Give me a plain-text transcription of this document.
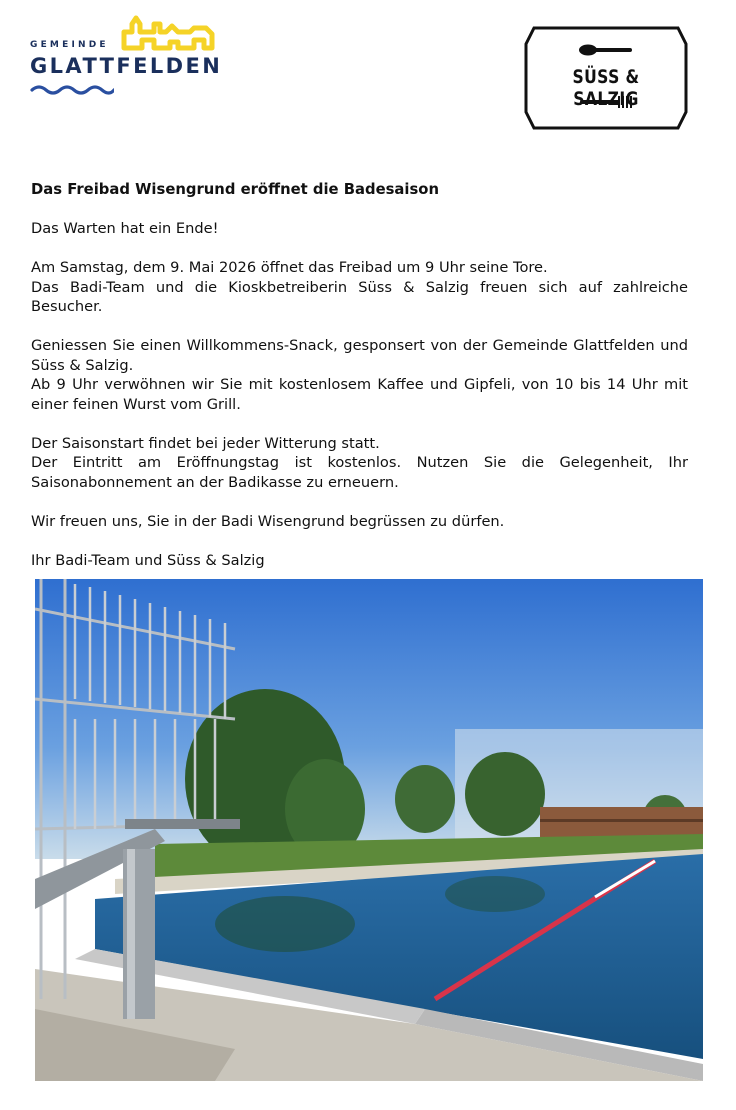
GEMEINDE
GLATTFELDEN	SÜSS & SALZIG
Das Freibad Wisengrund eröffnet die Badesaison

Das Warten hat ein Ende!

Am Samstag, dem 9. Mai 2026 öffnet das Freibad um 9 Uhr seine Tore.
Das Badi-Team und die Kioskbetreiberin Süss & Salzig freuen sich auf zahlreiche Besucher.

Geniessen Sie einen Willkommens-Snack, gesponsert von der Gemeinde Glattfelden und Süss & Salzig.
Ab 9 Uhr verwöhnen wir Sie mit kostenlosem Kaffee und Gipfeli, von 10 bis 14 Uhr mit einer feinen Wurst vom Grill.

Der Saisonstart findet bei jeder Witterung statt.
Der Eintritt am Eröffnungstag ist kostenlos. Nutzen Sie die Gelegenheit, Ihr Saisonabonnement an der Badikasse zu erneuern.

Wir freuen uns, Sie in der Badi Wisengrund begrüssen zu dürfen.

Ihr Badi-Team und Süss & Salzig
